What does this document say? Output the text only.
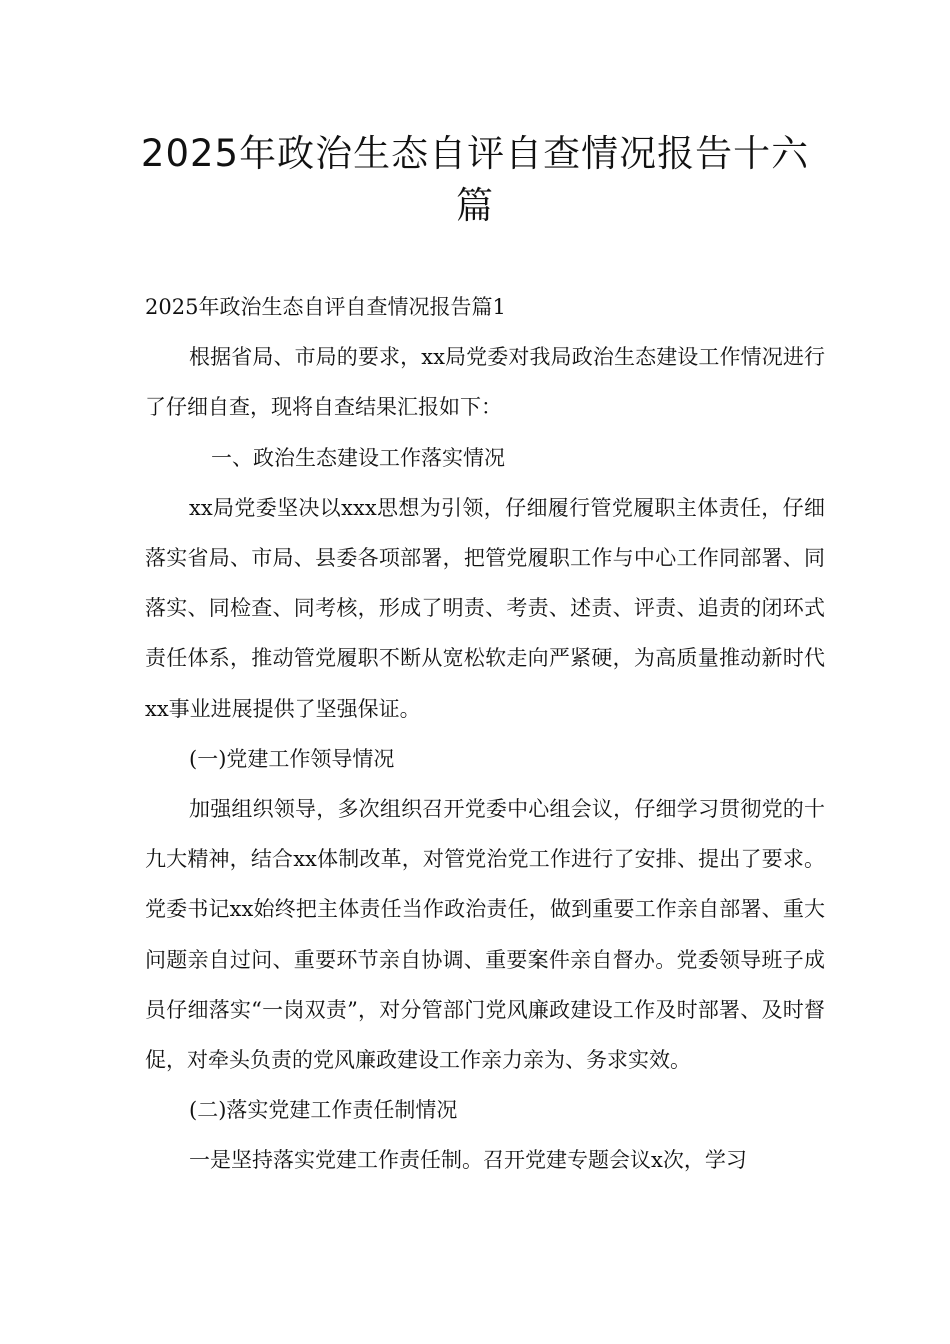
2025年政治生态自评自查情况报告十六
篇

2025年政治生态自评自查情况报告篇1

根据省局、市局的要求，xx局党委对我局政治生态建设工作情况进行了仔细自查，现将自查结果汇报如下：

一、政治生态建设工作落实情况

xx局党委坚决以xxx思想为引领，仔细履行管党履职主体责任，仔细落实省局、市局、县委各项部署，把管党履职工作与中心工作同部署、同落实、同检查、同考核，形成了明责、考责、述责、评责、追责的闭环式责任体系，推动管党履职不断从宽松软走向严紧硬，为高质量推动新时代xx事业进展提供了坚强保证。

(一)党建工作领导情况

加强组织领导，多次组织召开党委中心组会议，仔细学习贯彻党的十九大精神，结合xx体制改革，对管党治党工作进行了安排、提出了要求。党委书记xx始终把主体责任当作政治责任，做到重要工作亲自部署、重大问题亲自过问、重要环节亲自协调、重要案件亲自督办。党委领导班子成员仔细落实“一岗双责”，对分管部门党风廉政建设工作及时部署、及时督促，对牵头负责的党风廉政建设工作亲力亲为、务求实效。

(二)落实党建工作责任制情况

一是坚持落实党建工作责任制。召开党建专题会议x次，学习
